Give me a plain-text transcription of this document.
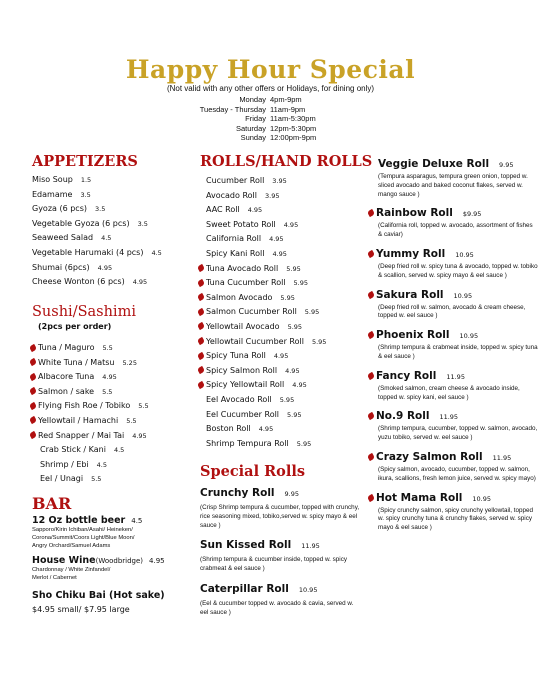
Happy Hour Special
(Not valid with any other offers or Holidays, for dining only)
Monday 4pm-9pm
Tuesday - Thursday 11am-9pm
Friday 11am-5:30pm
Saturday 12pm-5:30pm
Sunday 12:00pm-9pm
APPETIZERS
Miso Soup 1.5
Edamame 3.5
Gyoza (6 pcs) 3.5
Vegetable Gyoza (6 pcs) 3.5
Seaweed Salad 4.5
Vegetable Harumaki (4 pcs) 4.5
Shumai (6pcs) 4.95
Cheese Wonton (6 pcs) 4.95
Sushi/Sashimi
(2pcs per order)
Tuna / Maguro 5.5
White Tuna / Matsu 5.25
Albacore Tuna 4.95
Salmon / sake 5.5
Flying Fish Roe / Tobiko 5.5
Yellowtail / Hamachi 5.5
Red Snapper / Mai Tai 4.95
Crab Stick / Kani 4.5
Shrimp / Ebi 4.5
Eel / Unagi 5.5
BAR
12 Oz bottle beer 4.5
Sapporo/Kirin Ichiban/Asahi/ Heineken/
Corona/Summit/Coors Light/Blue Moon/
Angry Orchard/Samuel Adams
House Wine(Woodbridge) 4.95
Chardonnay / White Zinfandel/
Merlot / Cabernet
Sho Chiku Bai (Hot sake)
$4.95 small/ $7.95 large
ROLLS/HAND ROLLS
Cucumber Roll 3.95
Avocado Roll 3.95
AAC Roll 4.95
Sweet Potato Roll 4.95
California Roll 4.95
Spicy Kani Roll 4.95
Tuna Avocado Roll 5.95
Tuna Cucumber Roll 5.95
Salmon Avocado 5.95
Salmon Cucumber Roll 5.95
Yellowtail Avocado 5.95
Yellowtail Cucumber Roll 5.95
Spicy Tuna Roll 4.95
Spicy Salmon Roll 4.95
Spicy Yellowtail Roll 4.95
Eel Avocado Roll 5.95
Eel Cucumber Roll 5.95
Boston Roll 4.95
Shrimp Tempura Roll 5.95
Special Rolls
Crunchy Roll 9.95
(Crisp Shrimp tempura & cucumber, topped with crunchy, rice seasoning mixed, tobiko,served w. spicy mayo & eel sauce )
Sun Kissed Roll 11.95
(Shrimp tempura & cucumber inside, topped w. spicy crabmeat & eel sauce )
Caterpillar Roll 10.95
(Eel & cucumber topped w. avocado & cavia, served w. eel sauce )
Veggie Deluxe Roll 9.95
(Tempura asparagus, tempura green onion, topped w. sliced avocado and baked coconut flakes, served w. mango sauce )
Rainbow Roll $9.95
(California roll, topped w. avocado, assortment of fishes & caviar)
Yummy Roll 10.95
(Deep fried roll w. spicy tuna & avocado, topped w. tobiko & scallion, served w. spicy mayo & eel sauce )
Sakura Roll 10.95
(Deep fried roll w. salmon, avocado & cream cheese, topped w. eel sauce )
Phoenix Roll 10.95
(Shrimp tempura & crabmeat inside, topped w. spicy tuna & eel sauce )
Fancy Roll 11.95
(Smoked salmon, cream cheese & avocado inside, topped w. spicy kani, eel sauce )
No.9 Roll 11.95
(Shrimp tempura, cucumber, topped w. salmon, avocado, yuzu tobiko, served w. eel sauce )
Crazy Salmon Roll 11.95
(Spicy salmon, avocado, cucumber, topped w. salmon, ikura, scallions, fresh lemon juice, served w. spicy mayo)
Hot Mama Roll 10.95
(Spicy crunchy salmon, spicy crunchy yellowtail, topped w. spicy crunchy tuna & crunchy flakes, served w. spicy mayo & eel sauce )
